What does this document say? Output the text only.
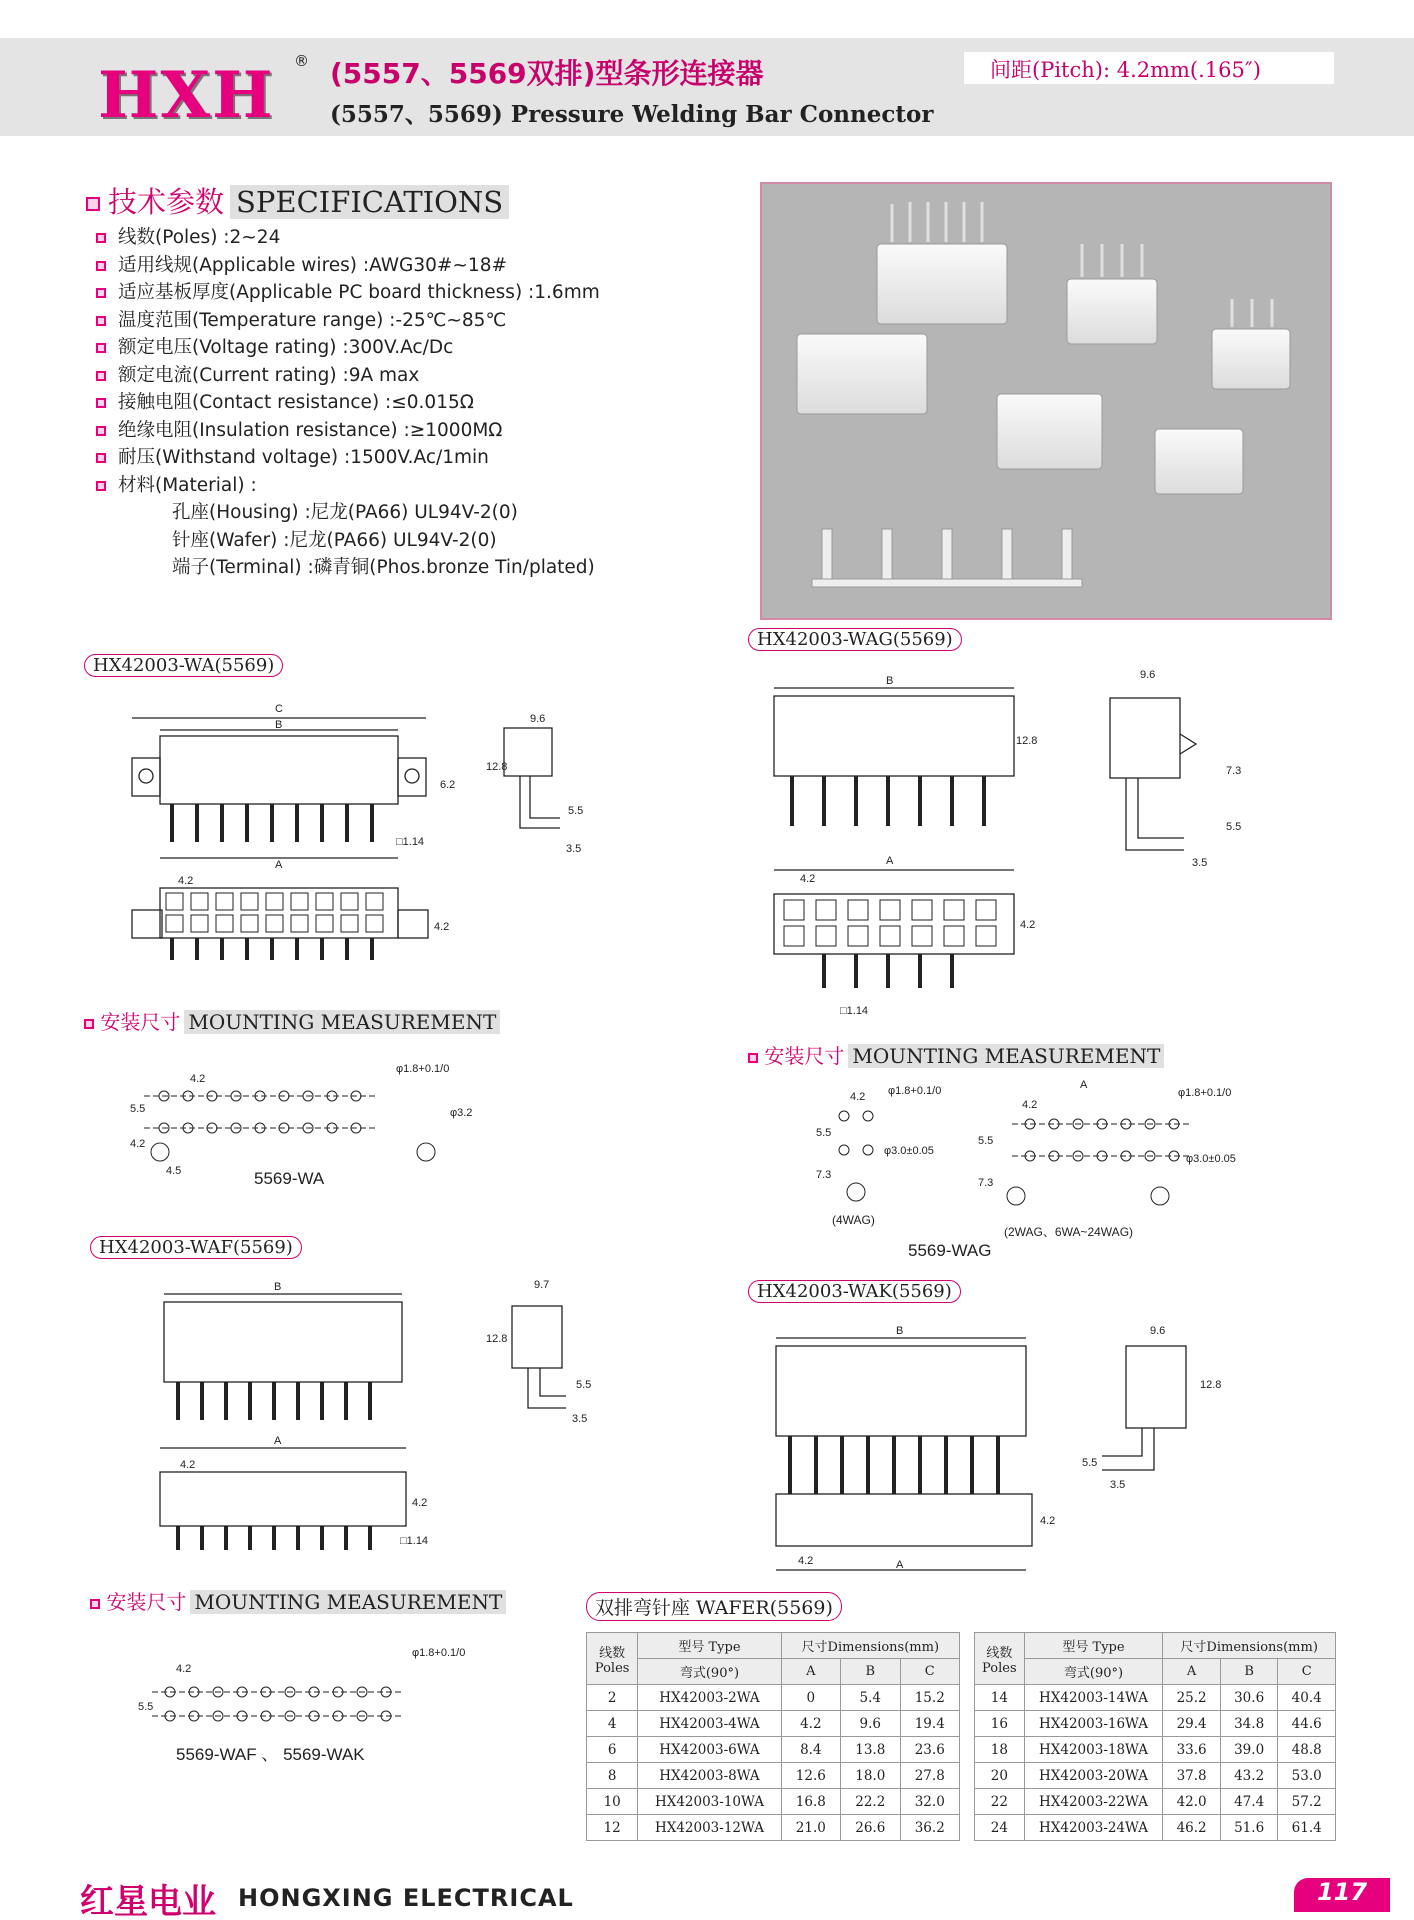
HXH ® (5557、5569双排)型条形连接器
(5557、5569) Pressure Welding Bar Connector
间距(Pitch): 4.2mm(.165″)
技术参数 SPECIFICATIONS
线数(Poles) :2~24
适用线规(Applicable wires) :AWG30#~18#
适应基板厚度(Applicable PC board thickness) :1.6mm
温度范围(Temperature range) :-25℃~85℃
额定电压(Voltage rating) :300V.Ac/Dc
额定电流(Current rating) :9A max
接触电阻(Contact resistance) :≤0.015Ω
绝缘电阻(Insulation resistance) :≥1000MΩ
耐压(Withstand voltage) :1500V.Ac/1min
材料(Material) :
孔座(Housing) :尼龙(PA66) UL94V-2(0)
针座(Wafer) :尼龙(PA66) UL94V-2(0)
端子(Terminal) :磷青铜(Phos.bronze Tin/plated)
HX42003-WA(5569)
C
B
A
9.6
12.8
6.2
5.5
3.5
□1.14
4.2
4.2
安装尺寸 MOUNTING MEASUREMENT
4.2
5.5
4.2
4.5
φ1.8+0.1/0
φ3.2
5569-WA
HX42003-WAF(5569)
B	9.7
12.8
5.5
3.5
A
4.2
4.2
□1.14
安装尺寸 MOUNTING MEASUREMENT
4.2
5.5
φ1.8+0.1/0
5569-WAF 、 5569-WAK
HX42003-WAG(5569)
B	9.6
12.8
7.3
5.5
3.5
A
4.2
4.2
□1.14
安装尺寸 MOUNTING MEASUREMENT
4.2
5.5
7.3
φ1.8+0.1/0
φ3.0±0.05
A
4.2
5.5
7.3
φ1.8+0.1/0
φ3.0±0.05
(4WAG)
(2WAG、6WA~24WAG)
5569-WAG
HX42003-WAK(5569)
B	9.6
12.8
5.5
3.5
A
4.2
4.2
双排弯针座 WAFER(5569)
线数
Poles	型号 Type	尺寸Dimensions(mm)		
	弯式(90°)	A	B	C
2	HX42003-2WA	0	5.4	15.2
4	HX42003-4WA	4.2	9.6	19.4
6	HX42003-6WA	8.4	13.8	23.6
8	HX42003-8WA	12.6	18.0	27.8
10	HX42003-10WA	16.8	22.2	32.0
12	HX42003-12WA	21.0	26.6	36.2
线数
Poles	型号 Type	尺寸Dimensions(mm)		
	弯式(90°)	A	B	C
14	HX42003-14WA	25.2	30.6	40.4
16	HX42003-16WA	29.4	34.8	44.6
18	HX42003-18WA	33.6	39.0	48.8
20	HX42003-20WA	37.8	43.2	53.0
22	HX42003-22WA	42.0	47.4	57.2
24	HX42003-24WA	46.2	51.6	61.4
红星电业 HONGXING ELECTRICAL	117
